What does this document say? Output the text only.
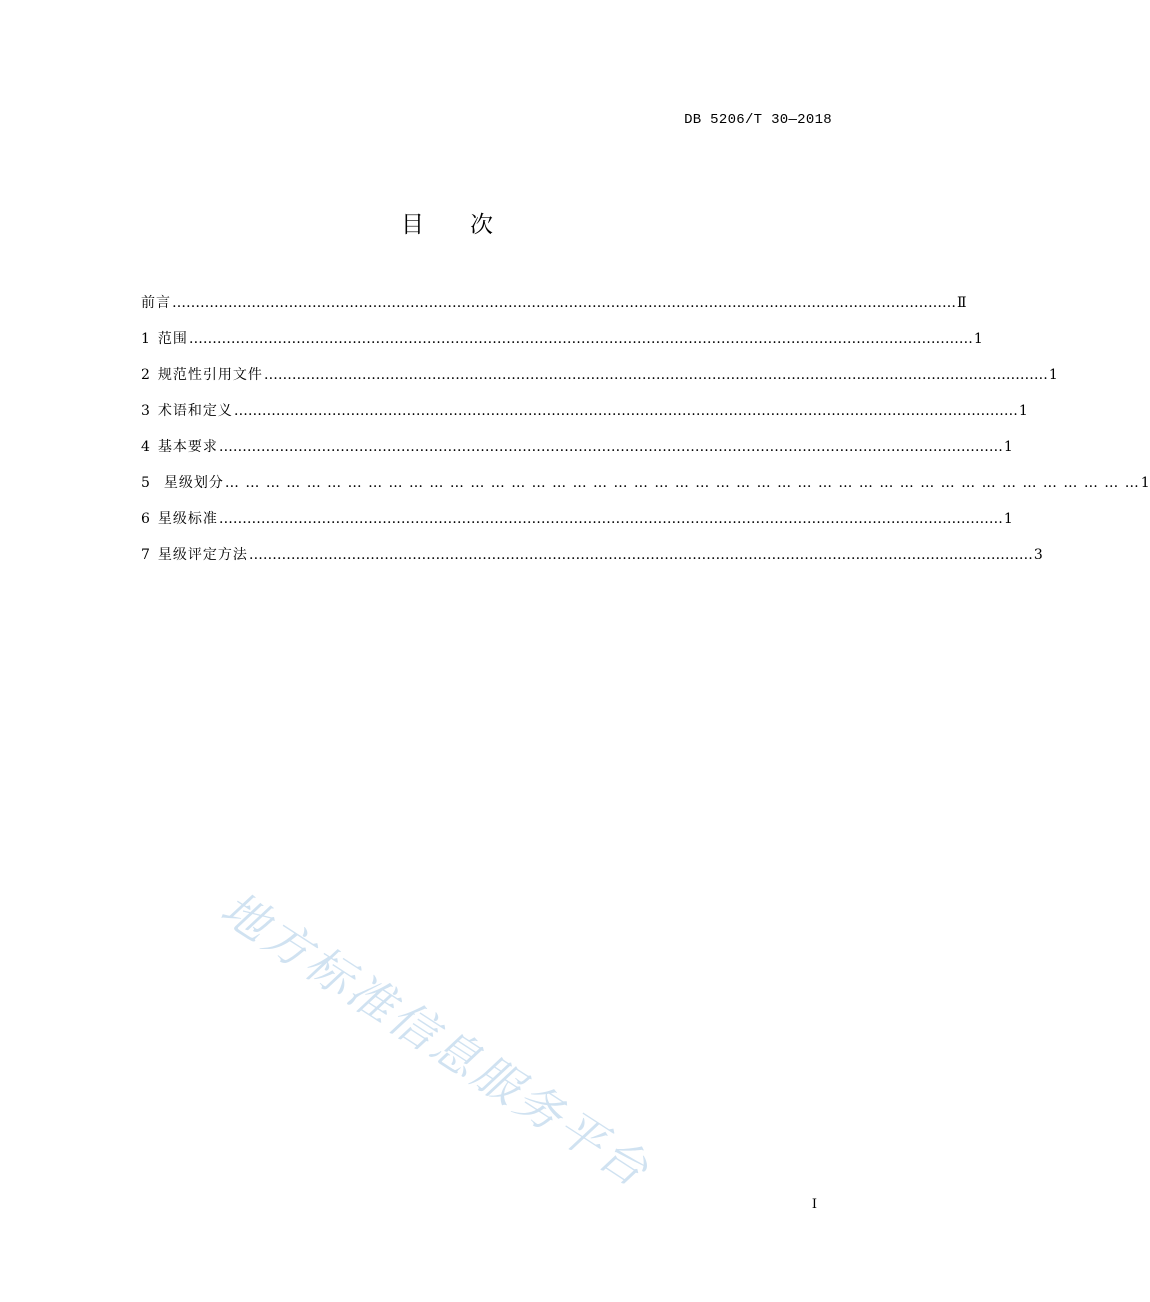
DB 5206/T 30—2018
目次
前言 …………………………………………………………………………………………………………………………………………………… Ⅱ
1 范围 …………………………………………………………………………………………………………………………………………………… 1
2 规范性引用文件 …………………………………………………………………………………………………………………………………………………… 1
3 术语和定义 …………………………………………………………………………………………………………………………………………………… 1
4 基本要求 …………………………………………………………………………………………………………………………………………………… 1
5 星级划分 … … … … … … … … … … … … … … … … … … … … … … … … … … … … … … … … … … … … … … … … … … … … … 1
6 星级标准 …………………………………………………………………………………………………………………………………………………… 1
7 星级评定方法 …………………………………………………………………………………………………………………………………………………… 3
地方标准信息服务平台
I
